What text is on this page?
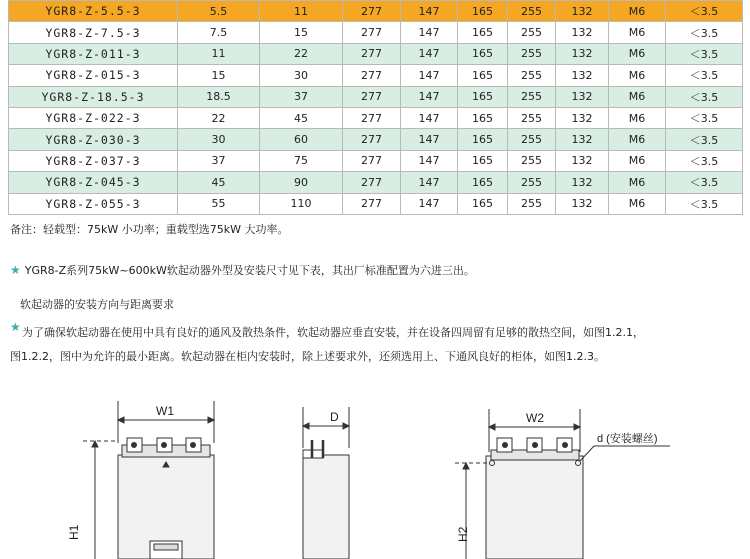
YGR8-Z-5.5-3	5.5	11	277	147	165	255	132	M6	＜3.5
YGR8-Z-7.5-3	7.5	15	277	147	165	255	132	M6	＜3.5
YGR8-Z-011-3	11	22	277	147	165	255	132	M6	＜3.5
YGR8-Z-015-3	15	30	277	147	165	255	132	M6	＜3.5
YGR8-Z-18.5-3	18.5	37	277	147	165	255	132	M6	＜3.5
YGR8-Z-022-3	22	45	277	147	165	255	132	M6	＜3.5
YGR8-Z-030-3	30	60	277	147	165	255	132	M6	＜3.5
YGR8-Z-037-3	37	75	277	147	165	255	132	M6	＜3.5
YGR8-Z-045-3	45	90	277	147	165	255	132	M6	＜3.5
YGR8-Z-055-3	55	110	277	147	165	255	132	M6	＜3.5
备注：轻载型：75kW 小功率；重载型选75kW 大功率。
★ YGR8-Z系列75kW~600kW软起动器外型及安装尺寸见下表，其出厂标准配置为六进三出。
软起动器的安装方向与距离要求
★ 为了确保软起动器在使用中具有良好的通风及散热条件，软起动器应垂直安装，并在设备四周留有足够的散热空间，如图1.2.1，
图1.2.2，图中为允许的最小距离。软起动器在柜内安装时，除上述要求外，还须选用上、下通风良好的柜体，如图1.2.3。
W1
H1
D	W2
H2
d (安装螺丝)
